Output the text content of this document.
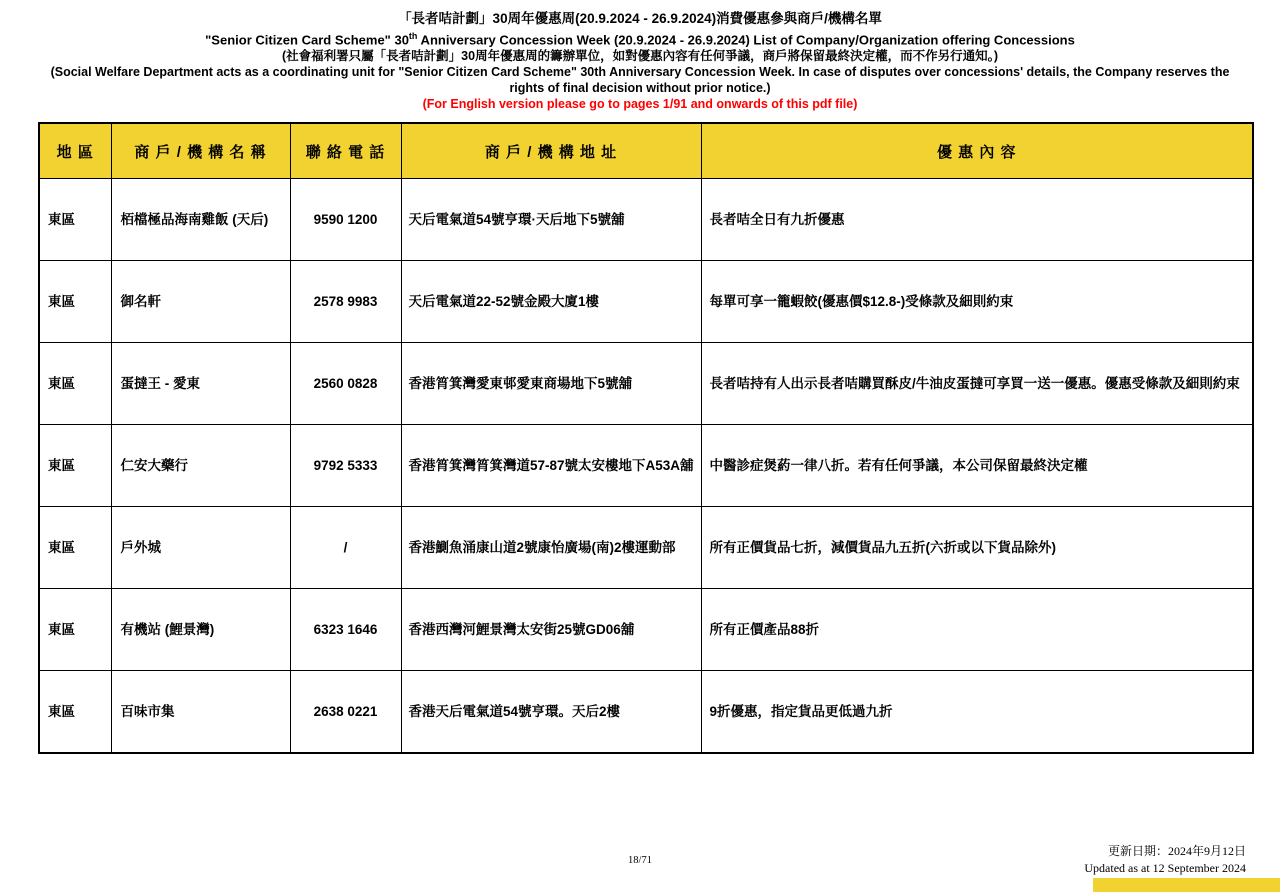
「長者咭計劃」30周年優惠周(20.9.2024 - 26.9.2024)消費優惠參與商戶/機構名單

"Senior Citizen Card Scheme" 30th Anniversary Concession Week (20.9.2024 - 26.9.2024) List of Company/Organization offering Concessions

(社會福利署只屬「長者咭計劃」30周年優惠周的籌辦單位，如對優惠內容有任何爭議，商戶將保留最終決定權，而不作另行通知。)

(Social Welfare Department acts as a coordinating unit for "Senior Citizen Card Scheme" 30th Anniversary Concession Week. In case of disputes over concessions' details, the Company reserves the rights of final decision without prior notice.)

(For English version please go to pages 1/91 and onwards of this pdf file)

地 區	商 戶 / 機 構 名 稱	聯 絡 電 話	商 戶 / 機 構 地 址	優 惠 內 容
東區	栢檔極品海南雞飯 (天后)	9590 1200	天后電氣道54號亨環·天后地下5號舖	長者咭全日有九折優惠
東區	御名軒	2578 9983	天后電氣道22-52號金殿大廈1樓	每單可享一籠蝦餃(優惠價$12.8-)受條款及細則約束
東區	蛋撻王 - 愛東	2560 0828	香港筲箕灣愛東邨愛東商場地下5號舖	長者咭持有人出示長者咭購買酥皮/牛油皮蛋撻可享買一送一優惠。優惠受條款及細則約束
東區	仁安大藥行	9792 5333	香港筲箕灣筲箕灣道57-87號太安樓地下A53A舖	中醫診症煲葯一律八折。若有任何爭議，本公司保留最終決定權
東區	戶外城	/	香港鰂魚涌康山道2號康怡廣場(南)2樓運動部	所有正價貨品七折，減價貨品九五折(六折或以下貨品除外)
東區	有機站 (鯉景灣)	6323 1646	香港西灣河鯉景灣太安街25號GD06舖	所有正價產品88折
東區	百味市集	2638 0221	香港天后電氣道54號亨環。天后2樓	9折優惠，指定貨品更低過九折
18/71
更新日期：2024年9月12日
Updated as at 12 September 2024
